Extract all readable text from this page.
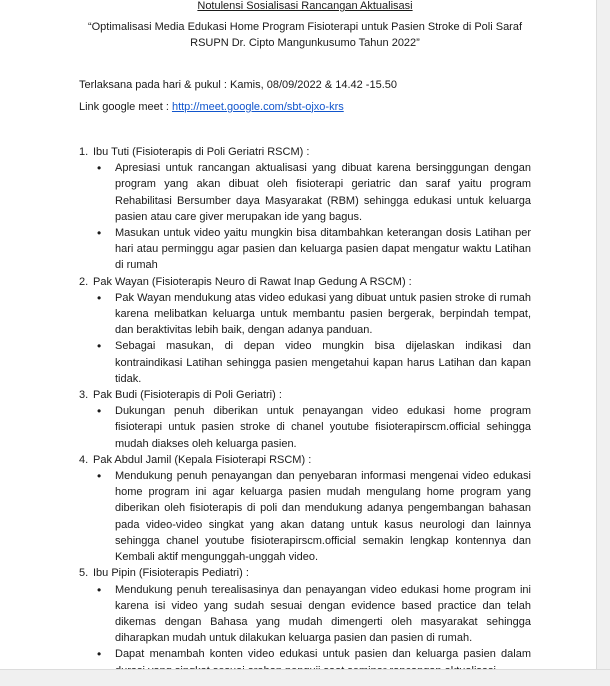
Notulensi Sosialisasi Rancangan Aktualisasi
“Optimalisasi Media Edukasi Home Program Fisioterapi untuk Pasien Stroke di Poli Saraf
RSUPN Dr. Cipto Mangunkusumo Tahun 2022”
Terlaksana pada hari & pukul : Kamis, 08/09/2022 & 14.42 -15.50
Link google meet : http://meet.google.com/sbt-ojxo-krs
1. Ibu Tuti (Fisioterapis di Poli Geriatri RSCM) :
• Apresiasi untuk rancangan aktualisasi yang dibuat karena bersinggungan dengan program yang akan dibuat oleh fisioterapi geriatric dan saraf yaitu program Rehabilitasi Bersumber daya Masyarakat (RBM) sehingga edukasi untuk keluarga pasien atau care giver merupakan ide yang bagus.
• Masukan untuk video yaitu mungkin bisa ditambahkan keterangan dosis Latihan per hari atau perminggu agar pasien dan keluarga pasien dapat mengatur waktu Latihan di rumah
2. Pak Wayan (Fisioterapis Neuro di Rawat Inap Gedung A RSCM) :
• Pak Wayan mendukung atas video edukasi yang dibuat untuk pasien stroke di rumah karena melibatkan keluarga untuk membantu pasien bergerak, berpindah tempat, dan beraktivitas lebih baik, dengan adanya panduan.
• Sebagai masukan, di depan video mungkin bisa dijelaskan indikasi dan kontraindikasi Latihan sehingga pasien mengetahui kapan harus Latihan dan kapan tidak.
3. Pak Budi (Fisioterapis di Poli Geriatri) :
• Dukungan penuh diberikan untuk penayangan video edukasi home program fisioterapi untuk pasien stroke di chanel youtube fisioterapirscm.official sehingga mudah diakses oleh keluarga pasien.
4. Pak Abdul Jamil (Kepala Fisioterapi RSCM) :
• Mendukung penuh penayangan dan penyebaran informasi mengenai video edukasi home program ini agar keluarga pasien mudah mengulang home program yang diberikan oleh fisioterapis di poli dan mendukung adanya pengembangan bahasan pada video-video singkat yang akan datang untuk kasus neurologi dan lainnya sehingga chanel youtube fisioterapirscm.official semakin lengkap kontennya dan Kembali aktif mengunggah-unggah video.
5. Ibu Pipin (Fisioterapis Pediatri) :
• Mendukung penuh terealisasinya dan penayangan video edukasi home program ini karena isi video yang sudah sesuai dengan evidence based practice dan telah dikemas dengan Bahasa yang mudah dimengerti oleh masyarakat sehingga diharapkan mudah untuk dilakukan keluarga pasien dan pasien di rumah.
• Dapat menambah konten video edukasi untuk pasien dan keluarga pasien dalam
